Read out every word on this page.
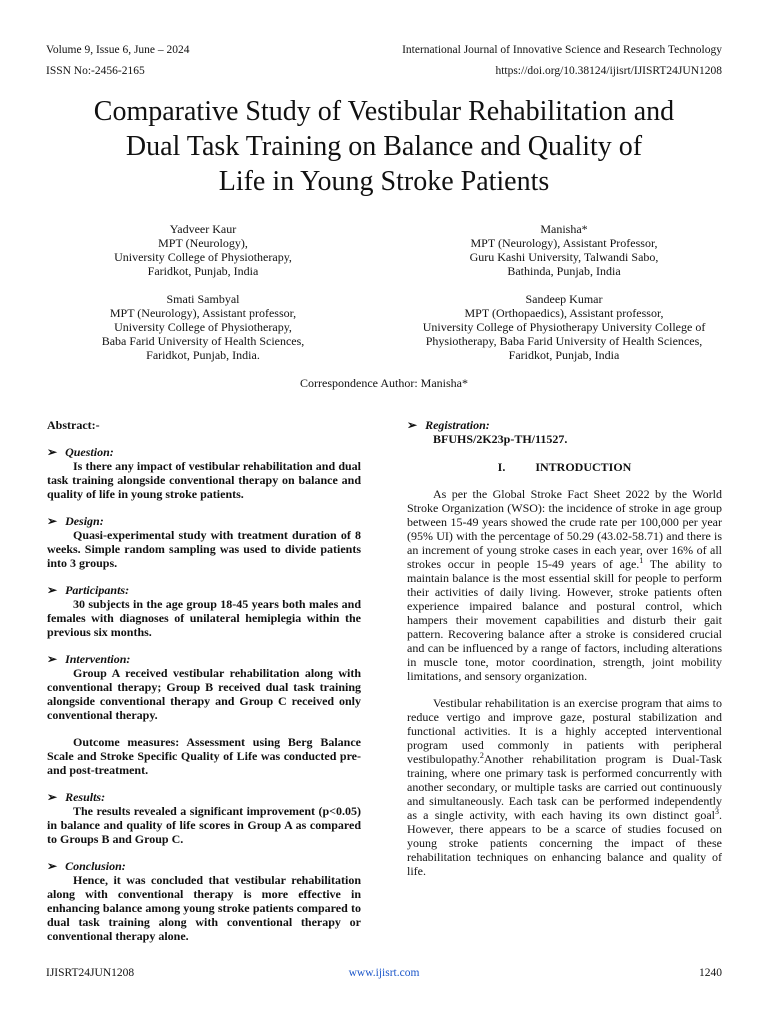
Volume 9, Issue 6, June – 2024	International Journal of Innovative Science and Research Technology
ISSN No:-2456-2165	https://doi.org/10.38124/ijisrt/IJISRT24JUN1208
Comparative Study of Vestibular Rehabilitation and
Dual Task Training on Balance and Quality of
Life in Young Stroke Patients
Yadveer Kaur
MPT (Neurology),
University College of Physiotherapy,
Faridkot, Punjab, India
Manisha*
MPT (Neurology), Assistant Professor,
Guru Kashi University, Talwandi Sabo,
Bathinda, Punjab, India
Smati Sambyal
MPT (Neurology), Assistant professor,
University College of Physiotherapy,
Baba Farid University of Health Sciences,
Faridkot, Punjab, India.
Sandeep Kumar
MPT (Orthopaedics), Assistant professor,
University College of Physiotherapy University College of
Physiotherapy, Baba Farid University of Health Sciences,
Faridkot, Punjab, India
Correspondence Author: Manisha*
Abstract:-
➢ Question:

Is there any impact of vestibular rehabilitation and dual task training alongside conventional therapy on balance and quality of life in young stroke patients.

➢ Design:

Quasi-experimental study with treatment duration of 8 weeks. Simple random sampling was used to divide patients into 3 groups.

➢ Participants:

30 subjects in the age group 18-45 years both males and females with diagnoses of unilateral hemiplegia within the previous six months.

➢ Intervention:

Group A received vestibular rehabilitation along with conventional therapy; Group B received dual task training alongside conventional therapy and Group C received only conventional therapy.

Outcome measures: Assessment using Berg Balance Scale and Stroke Specific Quality of Life was conducted pre- and post-treatment.

➢ Results:

The results revealed a significant improvement (p<0.05) in balance and quality of life scores in Group A as compared to Groups B and Group C.

➢ Conclusion:

Hence, it was concluded that vestibular rehabilitation along with conventional therapy is more effective in enhancing balance among young stroke patients compared to dual task training along with conventional therapy or conventional therapy alone.

➢ Registration:
BFUHS/2K23p-TH/11527.
I.	INTRODUCTION

As per the Global Stroke Fact Sheet 2022 by the World Stroke Organization (WSO): the incidence of stroke in age group between 15-49 years showed the crude rate per 100,000 per year (95% UI) with the percentage of 50.29 (43.02-58.71) and there is an increment of young stroke cases in each year, over 16% of all strokes occur in people 15-49 years of age.$^1$ The ability to maintain balance is the most essential skill for people to perform their activities of daily living. However, stroke patients often experience impaired balance and postural control, which hampers their movement capabilities and disturb their gait pattern. Recovering balance after a stroke is considered crucial and can be influenced by a range of factors, including alterations in muscle tone, motor coordination, strength, joint mobility limitations, and sensory organization.

Vestibular rehabilitation is an exercise program that aims to reduce vertigo and improve gaze, postural stabilization and functional activities. It is a highly accepted interventional program used commonly in patients with peripheral vestibulopathy.$^2$Another rehabilitation program is Dual-Task training, where one primary task is performed concurrently with another secondary, or multiple tasks are carried out continuously and simultaneously. Each task can be performed independently as a single activity, with each having its own distinct goal$^3$. However, there appears to be a scarce of studies focused on young stroke patients concerning the impact of these rehabilitation techniques on enhancing balance and quality of life.

IJISRT24JUN1208	www.ijisrt.com	1240
